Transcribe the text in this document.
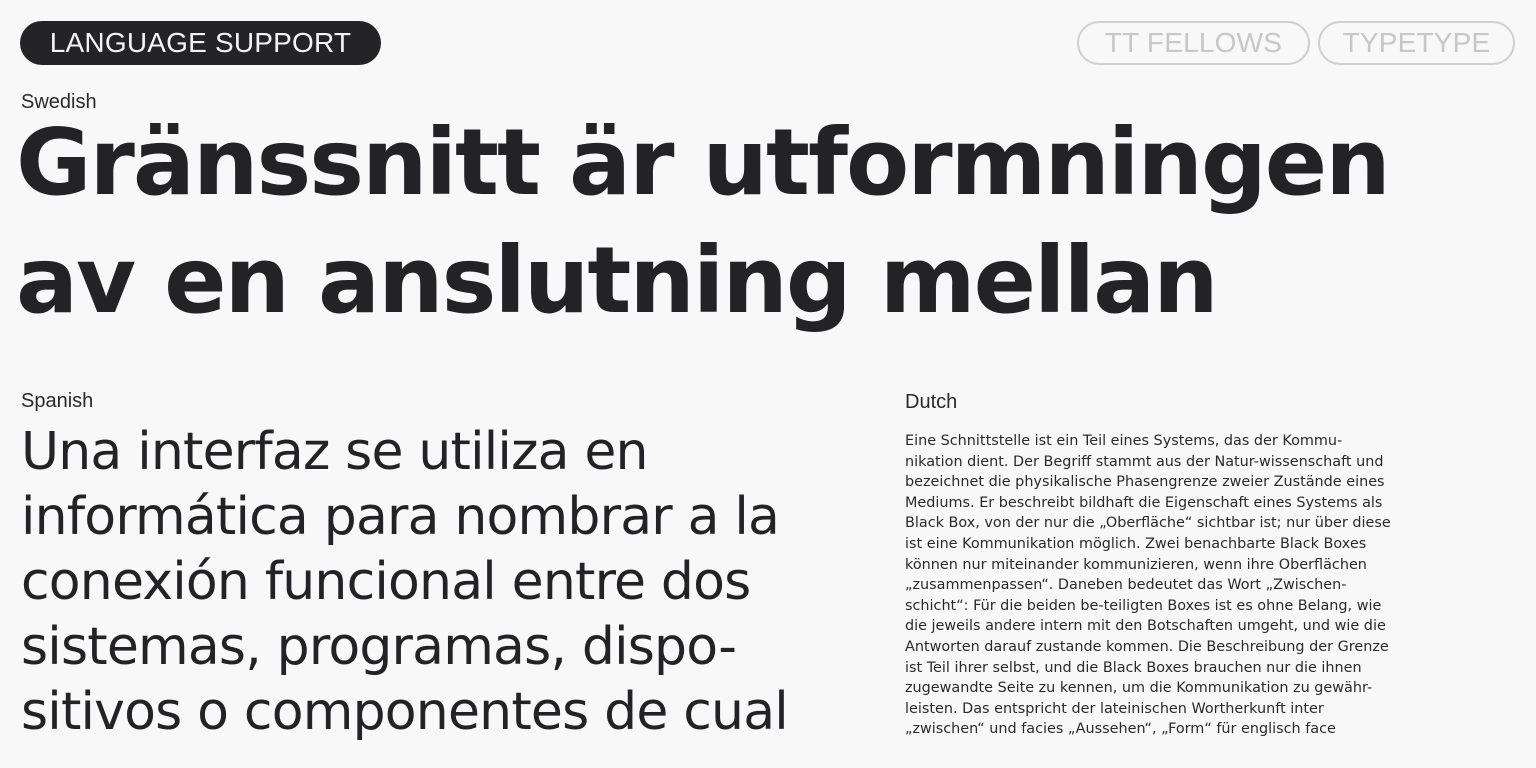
LANGUAGE SUPPORT	TT FELLOWS TYPETYPE
Swedish
Gränssnitt är utformningen
av en anslutning mellan
Spanish
Una interfaz se utiliza en
informática para nombrar a la
conexión funcional entre dos
sistemas, programas, dispo-
sitivos o componentes de cual
Dutch
Eine Schnittstelle ist ein Teil eines Systems, das der Kommu-
nikation dient. Der Begriff stammt aus der Natur-wissenschaft und
bezeichnet die physikalische Phasengrenze zweier Zustände eines
Mediums. Er beschreibt bildhaft die Eigenschaft eines Systems als
Black Box, von der nur die „Oberfläche“ sichtbar ist; nur über diese
ist eine Kommunikation möglich. Zwei benachbarte Black Boxes
können nur miteinander kommunizieren, wenn ihre Oberflächen
„zusammenpassen“. Daneben bedeutet das Wort „Zwischen-
schicht“: Für die beiden be-teiligten Boxes ist es ohne Belang, wie
die jeweils andere intern mit den Botschaften umgeht, und wie die
Antworten darauf zustande kommen. Die Beschreibung der Grenze
ist Teil ihrer selbst, und die Black Boxes brauchen nur die ihnen
zugewandte Seite zu kennen, um die Kommunikation zu gewähr-
leisten. Das entspricht der lateinischen Wortherkunft inter
„zwischen“ und facies „Aussehen“, „Form“ für englisch face
